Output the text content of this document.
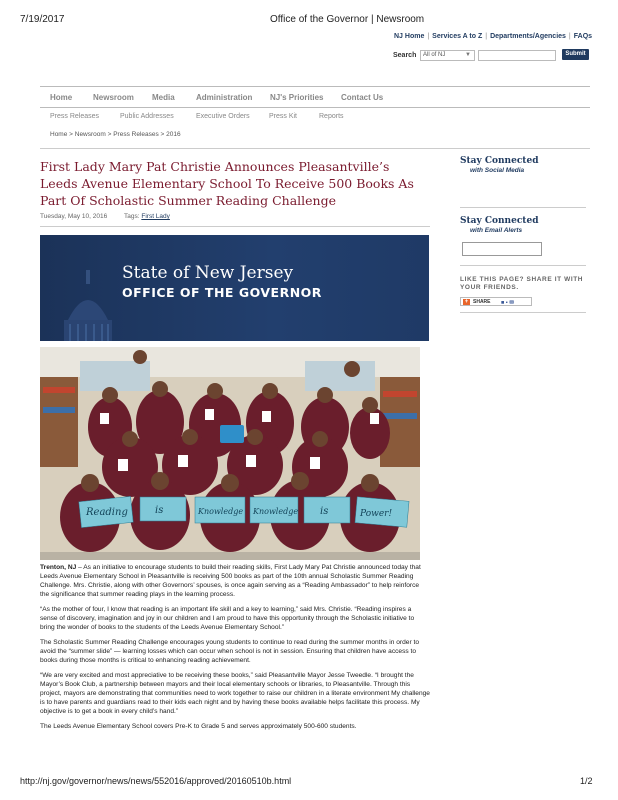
7/19/2017	Office of the Governor | Newsroom
http://nj.gov/governor/news/news/552016/approved/20160510b.html	1/2
NJ Home | Services A to Z | Departments/Agencies | FAQs
Search	All of NJ	▼	Submit
Home	Newsroom Media	Administration NJ's Priorities Contact Us
Press Releases	Public Addresses	Executive Orders	Press Kit	Reports
Home > Newsroom > Press Releases > 2016
First Lady Mary Pat Christie Announces Pleasantville’s Leeds Avenue Elementary School To Receive 500 Books As Part Of Scholastic Summer Reading Challenge
Tuesday, May 10, 2016	Tags: First Lady
State of New Jersey
OFFICE OF THE GOVERNOR
Reading	is	Knowledge Knowledge is	Power!

Trenton, NJ – As an initiative to encourage students to build their reading skills, First Lady Mary Pat Christie announced today that Leeds Avenue Elementary School in Pleasantville is receiving 500 books as part of the 10th annual Scholastic Summer Reading Challenge. Mrs. Christie, along with other Governors’ spouses, is once again serving as a “Reading Ambassador” to help reinforce the significance that summer reading plays in the learning process.

“As the mother of four, I know that reading is an important life skill and a key to learning,” said Mrs. Christie. “Reading inspires a sense of discovery, imagination and joy in our children and I am proud to have this opportunity through the Scholastic initiative to bring the wonder of books to the students of the Leeds Avenue Elementary School.”

The Scholastic Summer Reading Challenge encourages young students to continue to read during the summer months in order to avoid the “summer slide” — learning losses which can occur when school is not in session. Ensuring that children have access to books during those months is critical to enhancing reading achievement.

“We are very excited and most appreciative to be receiving these books,” said Pleasantville Mayor Jesse Tweedle. “I brought the Mayor’s Book Club, a partnership between mayors and their local elementary schools or libraries, to Pleasantville. Through this project, mayors are demonstrating that communities need to work together to raise our children in a literate environment My challenge is to have parents and guardians read to their kids each night and by having these books available helps facilitate this process. My objective is to get a book in every child’s hand.”

The Leeds Avenue Elementary School covers Pre-K to Grade 5 and serves approximately 500-600 students.

Stay Connected
with Social Media
Stay Connected
with Email Alerts
LIKE THIS PAGE? SHARE IT WITH YOUR FRIENDS.
+ SHARE ■ ▪ ✉
